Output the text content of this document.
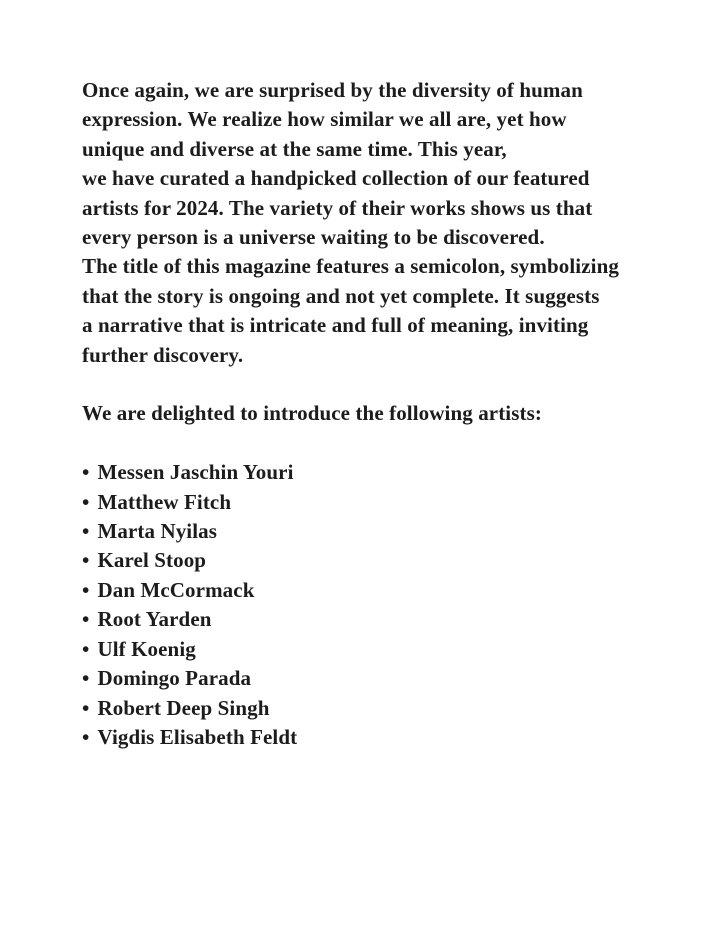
Once again, we are surprised by the diversity of human
expression. We realize how similar we all are, yet how
unique and diverse at the same time. This year,
we have curated a handpicked collection of our featured
artists for 2024. The variety of their works shows us that
every person is a universe waiting to be discovered.
The title of this magazine features a semicolon, symbolizing
that the story is ongoing and not yet complete. It suggests
a narrative that is intricate and full of meaning, inviting
further discovery.
We are delighted to introduce the following artists:
• Messen Jaschin Youri
• Matthew Fitch
• Marta Nyilas
• Karel Stoop
• Dan McCormack
• Root Yarden
• Ulf Koenig
• Domingo Parada
• Robert Deep Singh
• Vigdis Elisabeth Feldt
